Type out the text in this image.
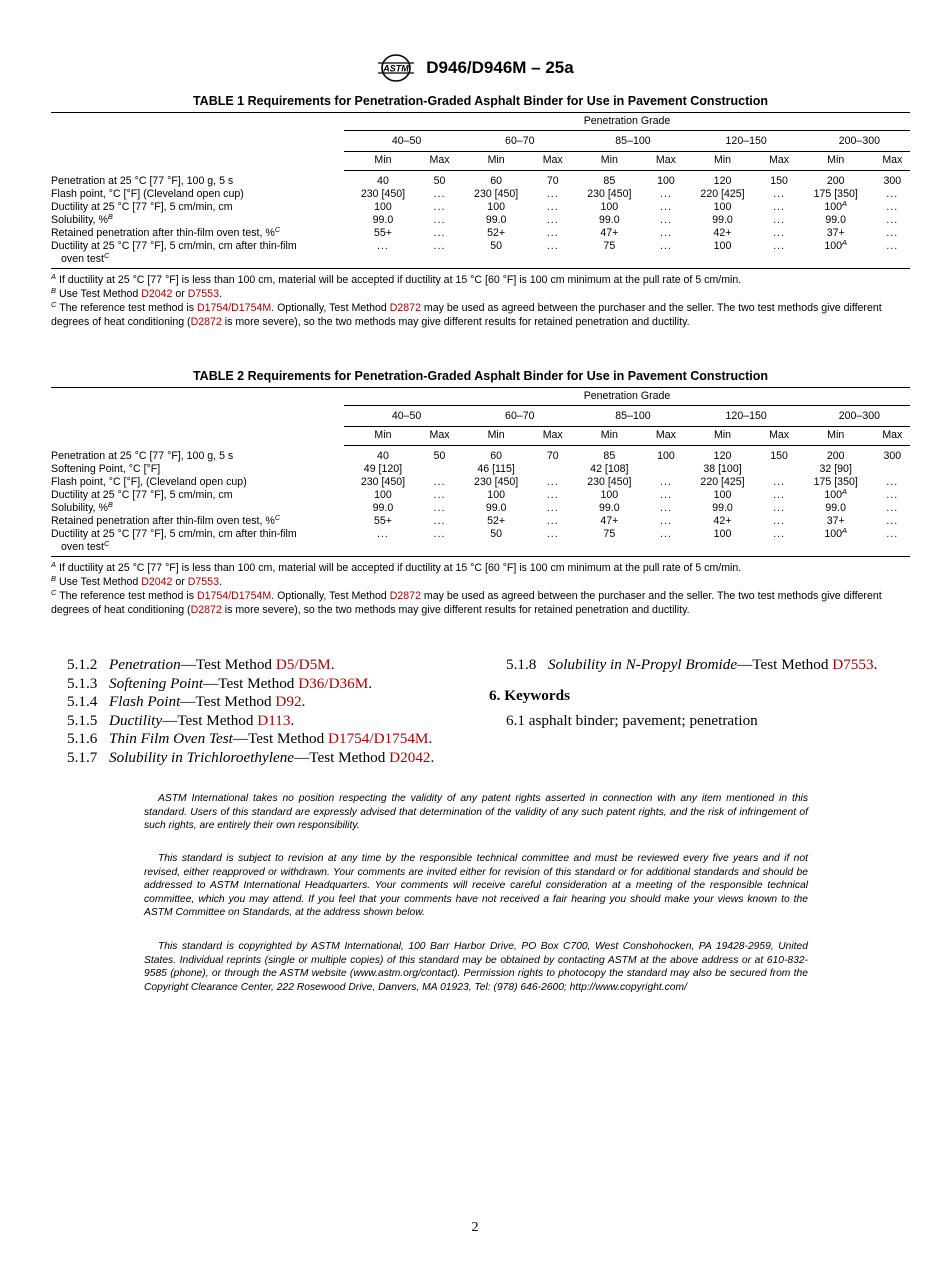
ASTM D946/D946M – 25a
TABLE 1 Requirements for Penetration-Graded Asphalt Binder for Use in Pavement Construction
	Penetration Grade									
	40–50		60–70		85–100		120–150		200–300	
	Min	Max	Min	Max	Min	Max	Min	Max	Min	Max
Penetration at 25 °C [77 °F], 100 g, 5 s	40	50	60	70	85	100	120	150	200	300
Flash point, °C [°F] (Cleveland open cup)	230 [450]	...	230 [450]	...	230 [450]	...	220 [425]	...	175 [350]	...
Ductility at 25 °C [77 °F], 5 cm/min, cm	100	...	100	...	100	...	100	...	$100^A$	...
Solubility, %$^B$	99.0	...	99.0	...	99.0	...	99.0	...	99.0	...
Retained penetration after thin-film oven test, %$^C$	55+	...	52+	...	47+	...	42+	...	37+	...
Ductility at 25 °C [77 °F], 5 cm/min, cm after thin-film
oven test$^C$	...	...	50	...	75	...	100	...	$100^A$	...

$^A$ If ductility at 25 °C [77 °F] is less than 100 cm, material will be accepted if ductility at 15 °C [60 °F] is 100 cm minimum at the pull rate of 5 cm/min.

$^B$ Use Test Method D2042 or D7553.

$^C$ The reference test method is D1754/D1754M. Optionally, Test Method D2872 may be used as agreed between the purchaser and the seller. The two test methods give different degrees of heat conditioning (D2872 is more severe), so the two methods may give different results for retained penetration and ductility.

TABLE 2 Requirements for Penetration-Graded Asphalt Binder for Use in Pavement Construction
	Penetration Grade									
	40–50		60–70		85–100		120–150		200–300	
	Min	Max	Min	Max	Min	Max	Min	Max	Min	Max
Penetration at 25 °C [77 °F], 100 g, 5 s	40	50	60	70	85	100	120	150	200	300
Softening Point, °C [°F]	49 [120]		46 [115]		42 [108]		38 [100]		32 [90]	
Flash point, °C [°F], (Cleveland open cup)	230 [450]	...	230 [450]	...	230 [450]	...	220 [425]	...	175 [350]	...
Ductility at 25 °C [77 °F], 5 cm/min, cm	100	...	100	...	100	...	100	...	$100^A$	...
Solubility, %$^B$	99.0	...	99.0	...	99.0	...	99.0	...	99.0	...
Retained penetration after thin-film oven test, %$^C$	55+	...	52+	...	47+	...	42+	...	37+	...
Ductility at 25 °C [77 °F], 5 cm/min, cm after thin-film
oven test$^C$	...	...	50	...	75	...	100	...	$100^A$	...

$^A$ If ductility at 25 °C [77 °F] is less than 100 cm, material will be accepted if ductility at 15 °C [60 °F] is 100 cm minimum at the pull rate of 5 cm/min.

$^B$ Use Test Method D2042 or D7553.

$^C$ The reference test method is D1754/D1754M. Optionally, Test Method D2872 may be used as agreed between the purchaser and the seller. The two test methods give different degrees of heat conditioning (D2872 is more severe), so the two methods may give different results for retained penetration and ductility.

5.1.2 Penetration—Test Method D5/D5M.

5.1.3 Softening Point—Test Method D36/D36M.

5.1.4 Flash Point—Test Method D92.

5.1.5 Ductility—Test Method D113.

5.1.6 Thin Film Oven Test—Test Method D1754/D1754M.

5.1.7 Solubility in Trichloroethylene—Test Method D2042.

5.1.8 Solubility in N-Propyl Bromide—Test Method D7553.

6. Keywords

6.1 asphalt binder; pavement; penetration

ASTM International takes no position respecting the validity of any patent rights asserted in connection with any item mentioned in this standard. Users of this standard are expressly advised that determination of the validity of any such patent rights, and the risk of infringement of such rights, are entirely their own responsibility.
This standard is subject to revision at any time by the responsible technical committee and must be reviewed every five years and if not revised, either reapproved or withdrawn. Your comments are invited either for revision of this standard or for additional standards and should be addressed to ASTM International Headquarters. Your comments will receive careful consideration at a meeting of the responsible technical committee, which you may attend. If you feel that your comments have not received a fair hearing you should make your views known to the ASTM Committee on Standards, at the address shown below.
This standard is copyrighted by ASTM International, 100 Barr Harbor Drive, PO Box C700, West Conshohocken, PA 19428-2959, United States. Individual reprints (single or multiple copies) of this standard may be obtained by contacting ASTM at the above address or at 610-832-9585 (phone), or through the ASTM website (www.astm.org/contact). Permission rights to photocopy the standard may also be secured from the Copyright Clearance Center, 222 Rosewood Drive, Danvers, MA 01923, Tel: (978) 646-2600; http://www.copyright.com/
2
